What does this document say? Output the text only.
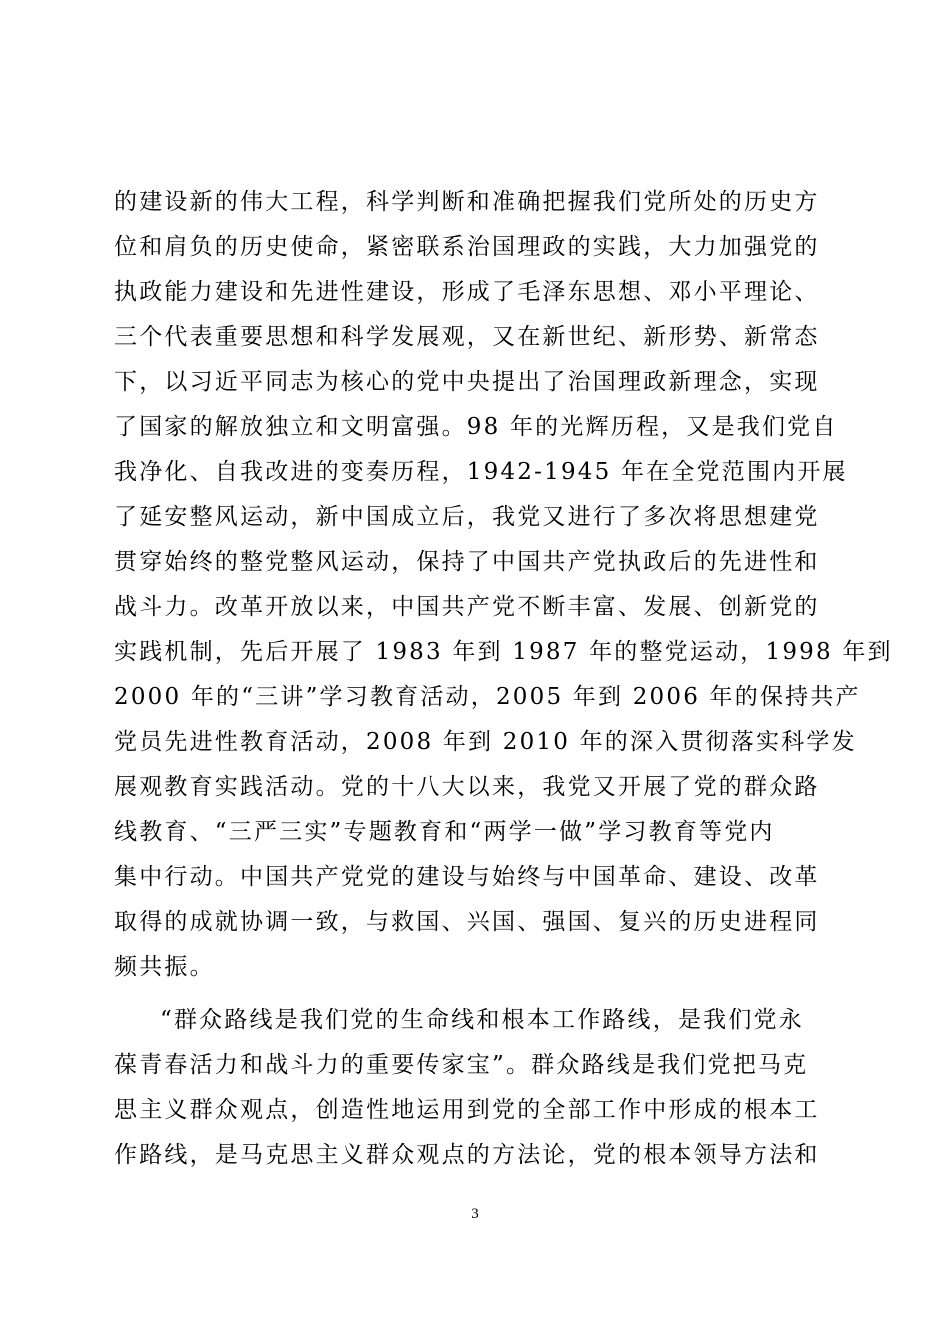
的建设新的伟大工程，科学判断和准确把握我们党所处的历史方
位和肩负的历史使命，紧密联系治国理政的实践，大力加强党的
执政能力建设和先进性建设，形成了毛泽东思想、邓小平理论、
三个代表重要思想和科学发展观，又在新世纪、新形势、新常态
下，以习近平同志为核心的党中央提出了治国理政新理念，实现
了国家的解放独立和文明富强。98 年的光辉历程，又是我们党自
我净化、自我改进的变奏历程，1942-1945 年在全党范围内开展
了延安整风运动，新中国成立后，我党又进行了多次将思想建党
贯穿始终的整党整风运动，保持了中国共产党执政后的先进性和
战斗力。改革开放以来，中国共产党不断丰富、发展、创新党的
实践机制，先后开展了 1983 年到 1987 年的整党运动，1998 年到
2000 年的“三讲”学习教育活动，2005 年到 2006 年的保持共产
党员先进性教育活动，2008 年到 2010 年的深入贯彻落实科学发
展观教育实践活动。党的十八大以来，我党又开展了党的群众路
线教育、“三严三实”专题教育和“两学一做”学习教育等党内
集中行动。中国共产党党的建设与始终与中国革命、建设、改革
取得的成就协调一致，与救国、兴国、强国、复兴的历史进程同
频共振。
“群众路线是我们党的生命线和根本工作路线，是我们党永
葆青春活力和战斗力的重要传家宝”。群众路线是我们党把马克
思主义群众观点，创造性地运用到党的全部工作中形成的根本工
作路线，是马克思主义群众观点的方法论，党的根本领导方法和
3
